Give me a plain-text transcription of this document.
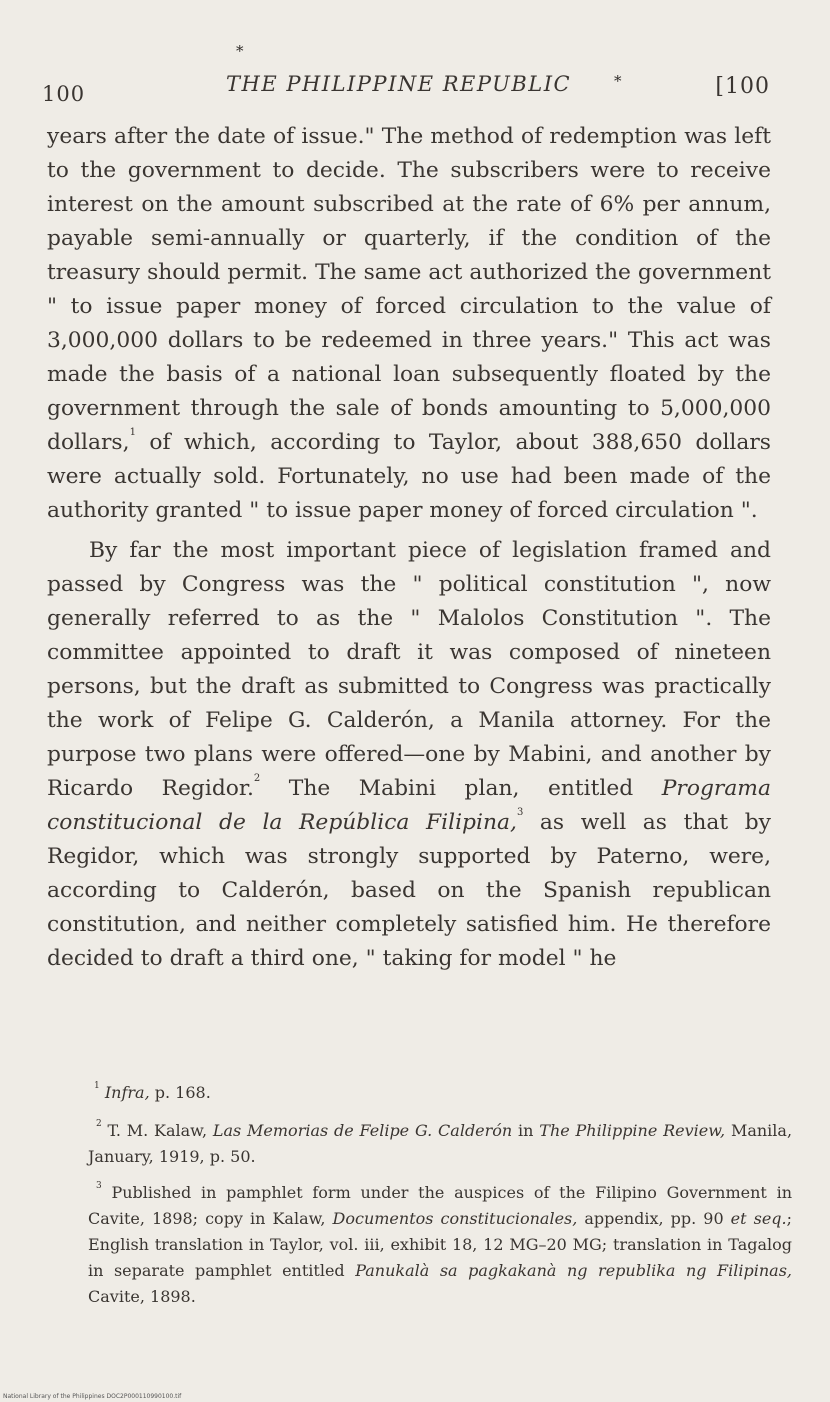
*
100	THE PHILIPPINE REPUBLIC	[100
*

years after the date of issue." The method of redemption was left to the government to decide. The subscribers were to receive interest on the amount subscribed at the rate of 6% per annum, payable semi-annually or quarterly, if the condition of the treasury should permit. The same act authorized the government " to issue paper money of forced circulation to the value of 3,000,000 dollars to be redeemed in three years." This act was made the basis of a national loan subsequently floated by the government through the sale of bonds amounting to 5,000,000 dollars,$^1$ of which, according to Taylor, about 388,650 dollars were actually sold. Fortunately, no use had been made of the authority granted " to issue paper money of forced circulation ".

By far the most important piece of legislation framed and passed by Congress was the " political constitution ", now generally referred to as the " Malolos Constitution ". The committee appointed to draft it was composed of nineteen persons, but the draft as submitted to Congress was practically the work of Felipe G. Calderón, a Manila attorney. For the purpose two plans were offered—one by Mabini, and another by Ricardo Regidor.$^2$ The Mabini plan, entitled Programa constitucional de la República Filipina,$^3$ as well as that by Regidor, which was strongly supported by Paterno, were, according to Calderón, based on the Spanish republican constitution, and neither completely satisfied him. He therefore decided to draft a third one, " taking for model " he

$^1$ Infra, p. 168.

$^2$ T. M. Kalaw, Las Memorias de Felipe G. Calderón in The Philippine Review, Manila, January, 1919, p. 50.

$^3$ Published in pamphlet form under the auspices of the Filipino Government in Cavite, 1898; copy in Kalaw, Documentos constitucionales, appendix, pp. 90 et seq.; English translation in Taylor, vol. iii, exhibit 18, 12 MG–20 MG; translation in Tagalog in separate pamphlet entitled Panukalà sa pagkakanà ng republika ng Filipinas, Cavite, 1898.

National Library of the Philippines DOC2P000110990100.tif
